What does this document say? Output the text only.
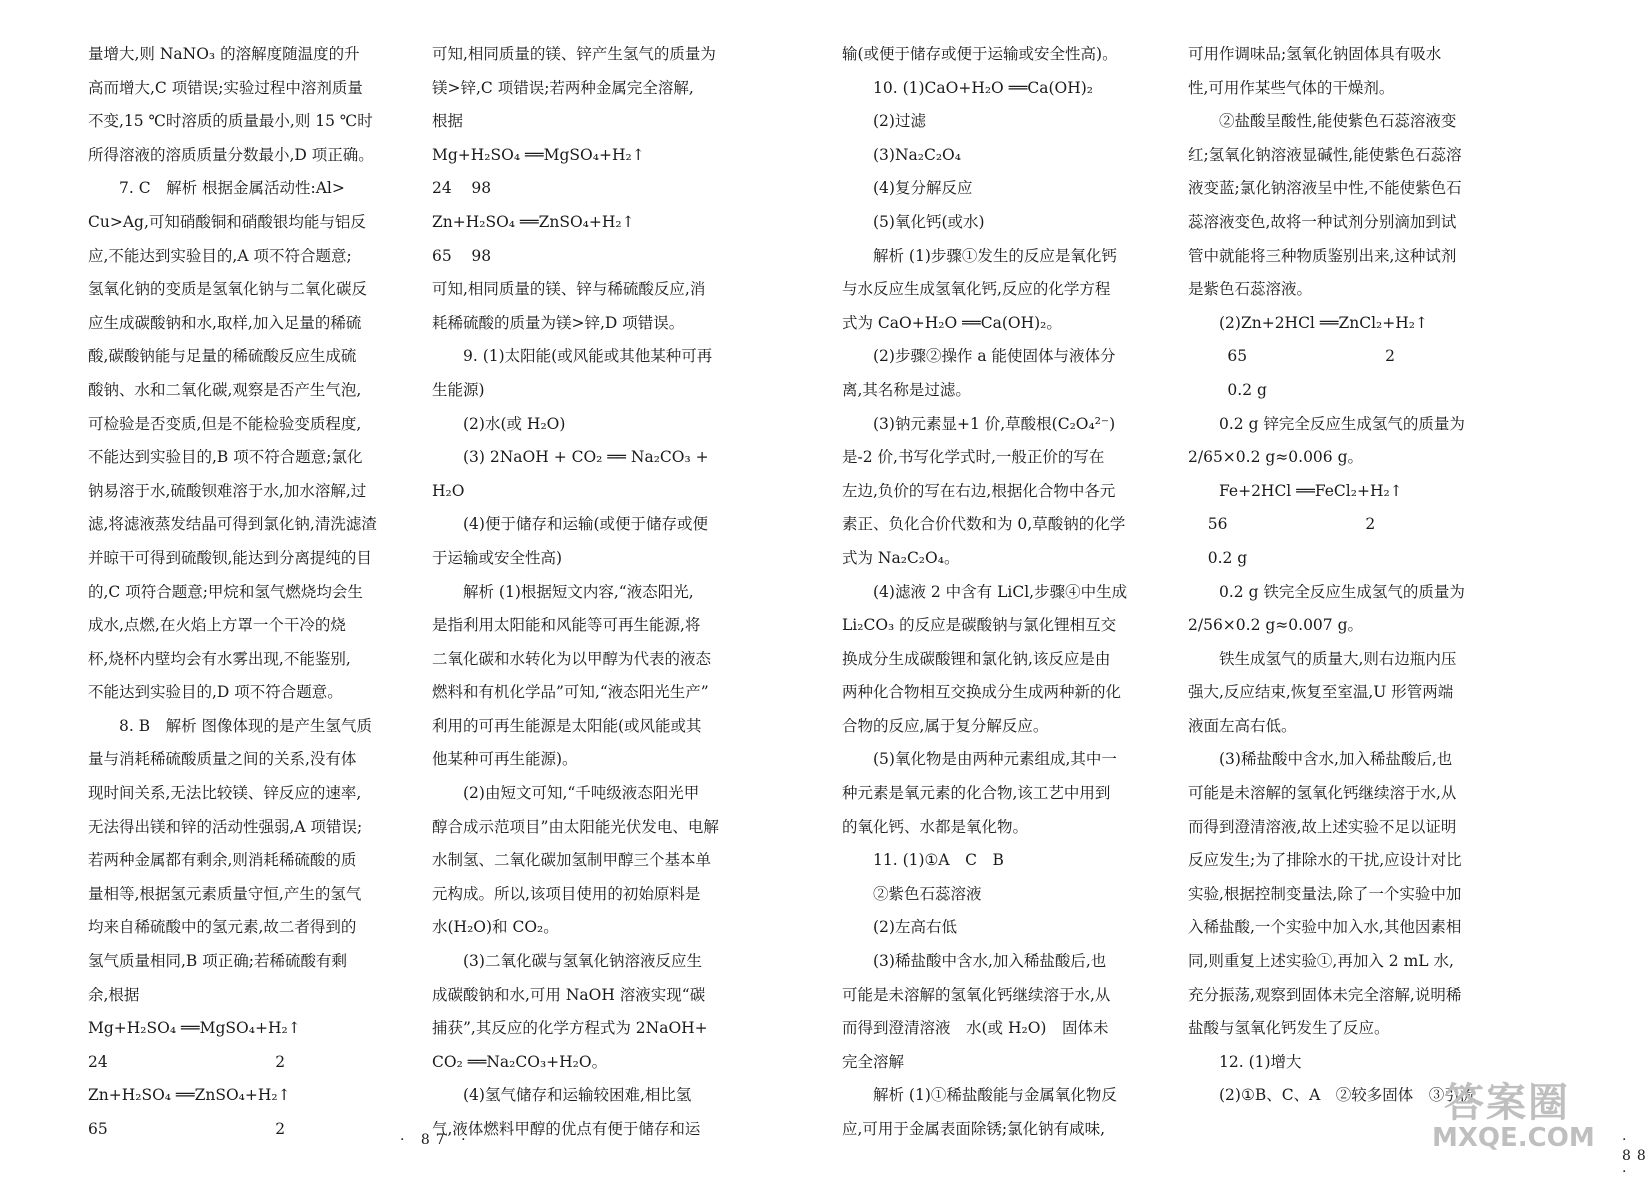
量增大,则 NaNO₃ 的溶解度随温度的升

高而增大,C 项错误;实验过程中溶剂质量

不变,15 ℃时溶质的质量最小,则 15 ℃时

所得溶液的溶质质量分数最小,D 项正确。

7. C　解析 根据金属活动性:Al>

Cu>Ag,可知硝酸铜和硝酸银均能与铝反

应,不能达到实验目的,A 项不符合题意;

氢氧化钠的变质是氢氧化钠与二氧化碳反

应生成碳酸钠和水,取样,加入足量的稀硫

酸,碳酸钠能与足量的稀硫酸反应生成硫

酸钠、水和二氧化碳,观察是否产生气泡,

可检验是否变质,但是不能检验变质程度,

不能达到实验目的,B 项不符合题意;氯化

钠易溶于水,硫酸钡难溶于水,加水溶解,过

滤,将滤液蒸发结晶可得到氯化钠,清洗滤渣

并晾干可得到硫酸钡,能达到分离提纯的目

的,C 项符合题意;甲烷和氢气燃烧均会生

成水,点燃,在火焰上方罩一个干冷的烧

杯,烧杯内壁均会有水雾出现,不能鉴别,

不能达到实验目的,D 项不符合题意。

8. B　解析 图像体现的是产生氢气质

量与消耗稀硫酸质量之间的关系,没有体

现时间关系,无法比较镁、锌反应的速率,

无法得出镁和锌的活动性强弱,A 项错误;

若两种金属都有剩余,则消耗稀硫酸的质

量相等,根据氢元素质量守恒,产生的氢气

均来自稀硫酸中的氢元素,故二者得到的

氢气质量相同,B 项正确;若稀硫酸有剩

余,根据

Mg+H₂SO₄ ══MgSO₄+H₂↑

24                                  2

Zn+H₂SO₄ ══ZnSO₄+H₂↑

65                                  2

可知,相同质量的镁、锌产生氢气的质量为

镁>锌,C 项错误;若两种金属完全溶解,

根据

Mg+H₂SO₄ ══MgSO₄+H₂↑

24    98

Zn+H₂SO₄ ══ZnSO₄+H₂↑

65    98

可知,相同质量的镁、锌与稀硫酸反应,消

耗稀硫酸的质量为镁>锌,D 项错误。

9. (1)太阳能(或风能或其他某种可再

生能源)

(2)水(或 H₂O)

(3) 2NaOH + CO₂ ══ Na₂CO₃ +

H₂O

(4)便于储存和运输(或便于储存或便

于运输或安全性高)

解析 (1)根据短文内容,“液态阳光,

是指利用太阳能和风能等可再生能源,将

二氧化碳和水转化为以甲醇为代表的液态

燃料和有机化学品”可知,“液态阳光生产”

利用的可再生能源是太阳能(或风能或其

他某种可再生能源)。

(2)由短文可知,“千吨级液态阳光甲

醇合成示范项目”由太阳能光伏发电、电解

水制氢、二氧化碳加氢制甲醇三个基本单

元构成。所以,该项目使用的初始原料是

水(H₂O)和 CO₂。

(3)二氧化碳与氢氧化钠溶液反应生

成碳酸钠和水,可用 NaOH 溶液实现“碳

捕获”,其反应的化学方程式为 2NaOH+

CO₂ ══Na₂CO₃+H₂O。

(4)氢气储存和运输较困难,相比氢

气,液体燃料甲醇的优点有便于储存和运

· 87 ·

输(或便于储存或便于运输或安全性高)。

10. (1)CaO+H₂O ══Ca(OH)₂

(2)过滤

(3)Na₂C₂O₄

(4)复分解反应

(5)氧化钙(或水)

解析 (1)步骤①发生的反应是氧化钙

与水反应生成氢氧化钙,反应的化学方程

式为 CaO+H₂O ══Ca(OH)₂。

(2)步骤②操作 a 能使固体与液体分

离,其名称是过滤。

(3)钠元素显+1 价,草酸根(C₂O₄²⁻)

是-2 价,书写化学式时,一般正价的写在

左边,负价的写在右边,根据化合物中各元

素正、负化合价代数和为 0,草酸钠的化学

式为 Na₂C₂O₄。

(4)滤液 2 中含有 LiCl,步骤④中生成

Li₂CO₃ 的反应是碳酸钠与氯化锂相互交

换成分生成碳酸锂和氯化钠,该反应是由

两种化合物相互交换成分生成两种新的化

合物的反应,属于复分解反应。

(5)氧化物是由两种元素组成,其中一

种元素是氧元素的化合物,该工艺中用到

的氧化钙、水都是氧化物。

11. (1)①A　C　B

②紫色石蕊溶液

(2)左高右低

(3)稀盐酸中含水,加入稀盐酸后,也

可能是未溶解的氢氧化钙继续溶于水,从

而得到澄清溶液　水(或 H₂O)　固体未

完全溶解

解析 (1)①稀盐酸能与金属氧化物反

应,可用于金属表面除锈;氯化钠有咸味,

可用作调味品;氢氧化钠固体具有吸水

性,可用作某些气体的干燥剂。

②盐酸呈酸性,能使紫色石蕊溶液变

红;氢氧化钠溶液显碱性,能使紫色石蕊溶

液变蓝;氯化钠溶液呈中性,不能使紫色石

蕊溶液变色,故将一种试剂分别滴加到试

管中就能将三种物质鉴别出来,这种试剂

是紫色石蕊溶液。

(2)Zn+2HCl ══ZnCl₂+H₂↑

65                            2

0.2 g

0.2 g 锌完全反应生成氢气的质量为

2/65×0.2 g≈0.006 g。

Fe+2HCl ══FeCl₂+H₂↑

56                            2

0.2 g

0.2 g 铁完全反应生成氢气的质量为

2/56×0.2 g≈0.007 g。

铁生成氢气的质量大,则右边瓶内压

强大,反应结束,恢复至室温,U 形管两端

液面左高右低。

(3)稀盐酸中含水,加入稀盐酸后,也

可能是未溶解的氢氧化钙继续溶于水,从

而得到澄清溶液,故上述实验不足以证明

反应发生;为了排除水的干扰,应设计对比

实验,根据控制变量法,除了一个实验中加

入稀盐酸,一个实验中加入水,其他因素相

同,则重复上述实验①,再加入 2 mL 水,

充分振荡,观察到固体未完全溶解,说明稀

盐酸与氢氧化钙发生了反应。

12. (1)增大

(2)①B、C、A　②较多固体　③引流

· 88 ·
答案圈
MXQE.COM
